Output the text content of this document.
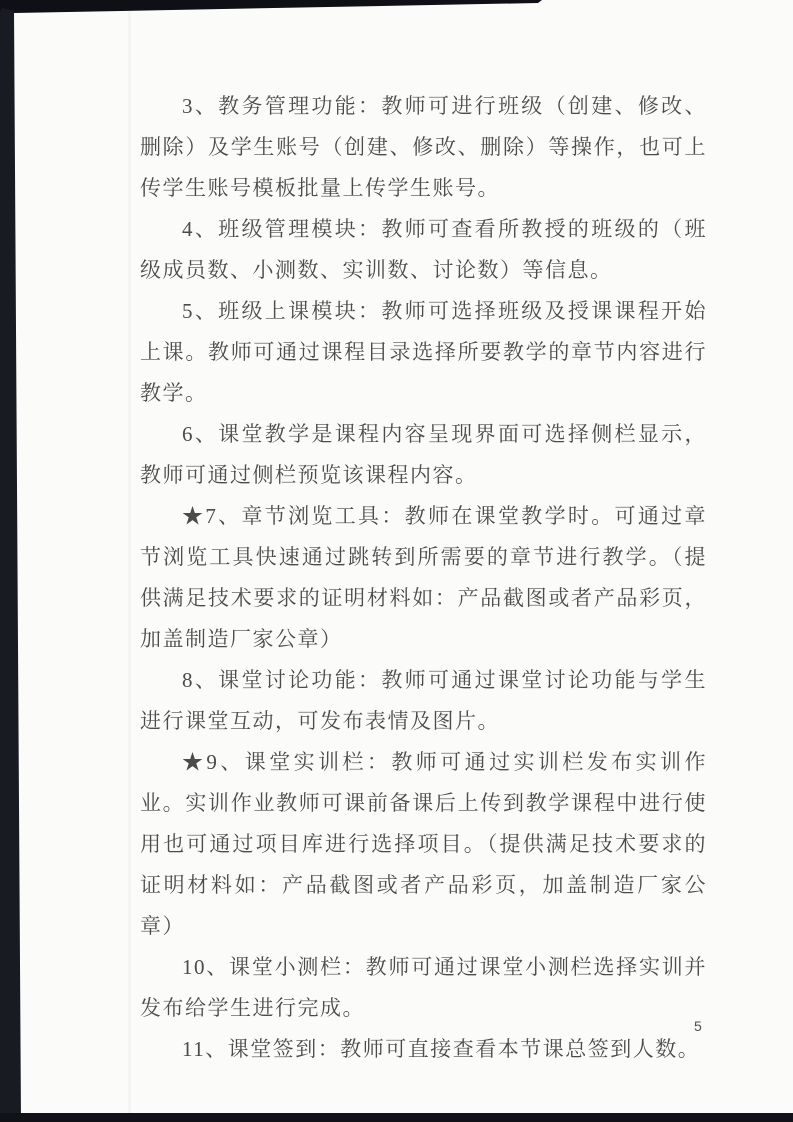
3、教务管理功能：教师可进行班级（创建、修改、删除）及学生账号（创建、修改、删除）等操作，也可上传学生账号模板批量上传学生账号。

4、班级管理模块：教师可查看所教授的班级的（班级成员数、小测数、实训数、讨论数）等信息。

5、班级上课模块：教师可选择班级及授课课程开始上课。教师可通过课程目录选择所要教学的章节内容进行教学。

6、课堂教学是课程内容呈现界面可选择侧栏显示，教师可通过侧栏预览该课程内容。

★7、章节浏览工具：教师在课堂教学时。可通过章节浏览工具快速通过跳转到所需要的章节进行教学。（提供满足技术要求的证明材料如：产品截图或者产品彩页，加盖制造厂家公章）

8、课堂讨论功能：教师可通过课堂讨论功能与学生进行课堂互动，可发布表情及图片。

★9、课堂实训栏：教师可通过实训栏发布实训作业。实训作业教师可课前备课后上传到教学课程中进行使用也可通过项目库进行选择项目。（提供满足技术要求的证明材料如：产品截图或者产品彩页，加盖制造厂家公章）

10、课堂小测栏：教师可通过课堂小测栏选择实训并发布给学生进行完成。

11、课堂签到：教师可直接查看本节课总签到人数。

5
